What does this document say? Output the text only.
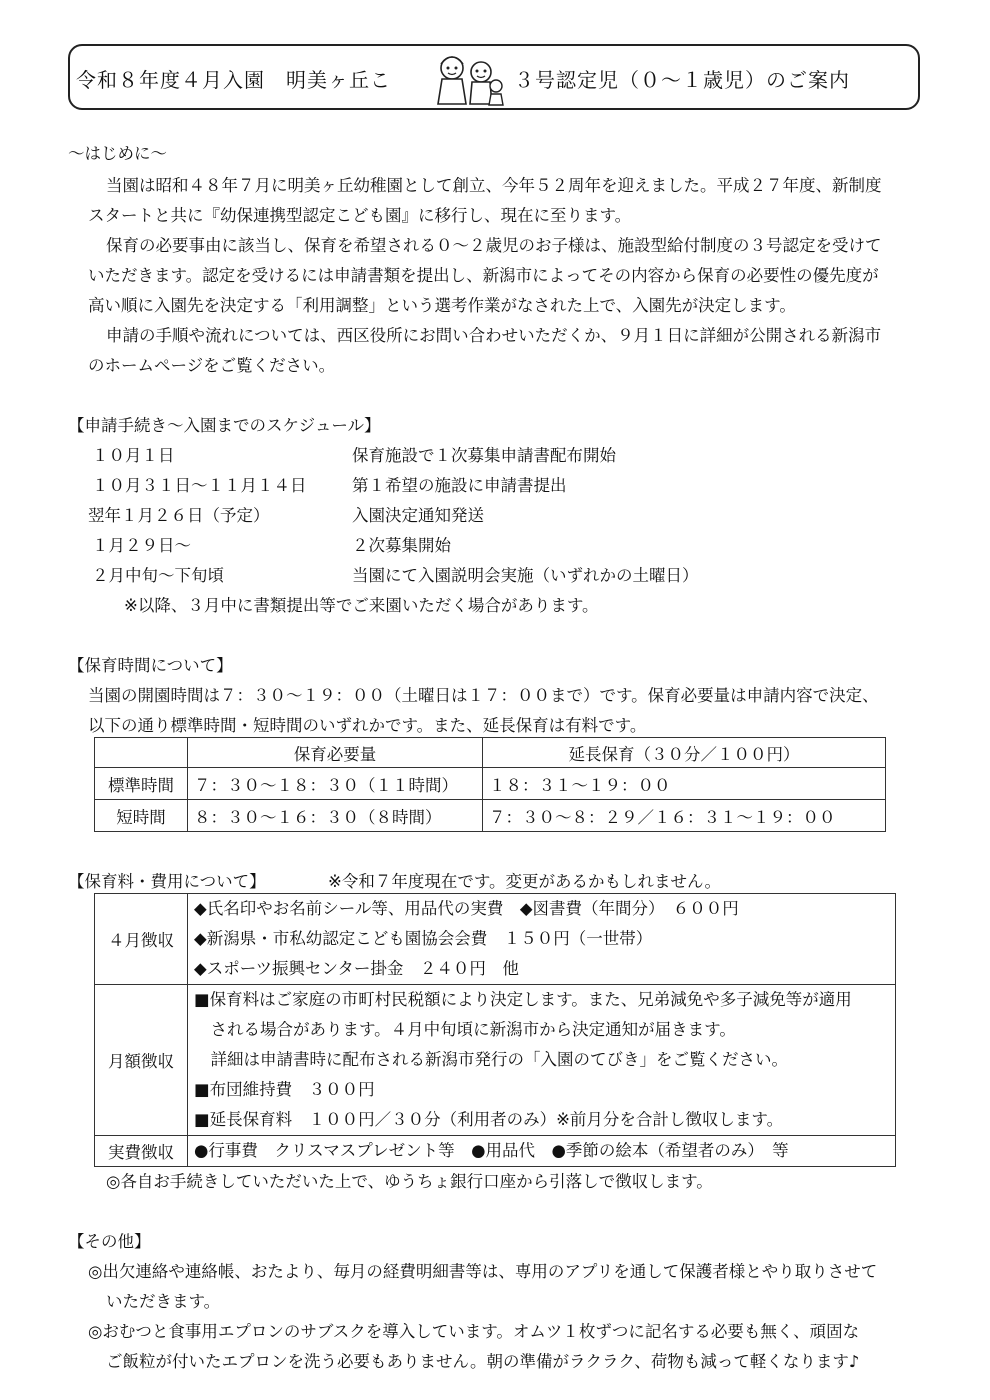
令和８年度４月入園　明美ヶ丘こ	３号認定児（０～１歳児）のご案内
～はじめに～
当園は昭和４８年７月に明美ヶ丘幼稚園として創立、今年５２周年を迎えました。平成２７年度、新制度
スタートと共に『幼保連携型認定こども園』に移行し、現在に至ります。
保育の必要事由に該当し、保育を希望される０～２歳児のお子様は、施設型給付制度の３号認定を受けて
いただきます。認定を受けるには申請書類を提出し、新潟市によってその内容から保育の必要性の優先度が
高い順に入園先を決定する「利用調整」という選考作業がなされた上で、入園先が決定します。
申請の手順や流れについては、西区役所にお問い合わせいただくか、９月１日に詳細が公開される新潟市
のホームページをご覧ください。
【申請手続き～入園までのスケジュール】
１０月１日	保育施設で１次募集申請書配布開始
１０月３１日～１１月１４日	第１希望の施設に申請書提出
翌年１月２６日（予定）	入園決定通知発送
１月２９日～	２次募集開始
２月中旬～下旬頃	当園にて入園説明会実施（いずれかの土曜日）
※以降、３月中に書類提出等でご来園いただく場合があります。
【保育時間について】
当園の開園時間は７：３０～１９：００（土曜日は１７：００まで）です。保育必要量は申請内容で決定、
以下の通り標準時間・短時間のいずれかです。また、延長保育は有料です。
	保育必要量	延長保育（３０分／１００円）
標準時間	７：３０～１８：３０（１１時間）	１８：３１～１９：００
短時間	８：３０～１６：３０（８時間）	７：３０～８：２９／１６：３１～１９：００
【保育料・費用について】	※令和７年度現在です。変更があるかもしれません。
４月徴収	◆氏名印やお名前シール等、用品代の実費　◆図書費（年間分）　６００円
◆新潟県・市私幼認定こども園協会会費　１５０円（一世帯）
◆スポーツ振興センター掛金　２４０円　他

月額徴収	■保育料はご家庭の市町村民税額により決定します。また、兄弟減免や多子減免等が適用
　される場合があります。４月中旬頃に新潟市から決定通知が届きます。
　詳細は申請書時に配布される新潟市発行の「入園のてびき」をご覧ください。
■布団維持費　３００円
■延長保育料　１００円／３０分（利用者のみ）※前月分を合計し徴収します。

実費徴収	●行事費　クリスマスプレゼント等　●用品代　●季節の絵本（希望者のみ）　等
◎各自お手続きしていただいた上で、ゆうちょ銀行口座から引落しで徴収します。
【その他】
◎出欠連絡や連絡帳、おたより、毎月の経費明細書等は、専用のアプリを通して保護者様とやり取りさせて
いただきます。
◎おむつと食事用エプロンのサブスクを導入しています。オムツ１枚ずつに記名する必要も無く、頑固な
ご飯粒が付いたエプロンを洗う必要もありません。朝の準備がラクラク、荷物も減って軽くなります♪
